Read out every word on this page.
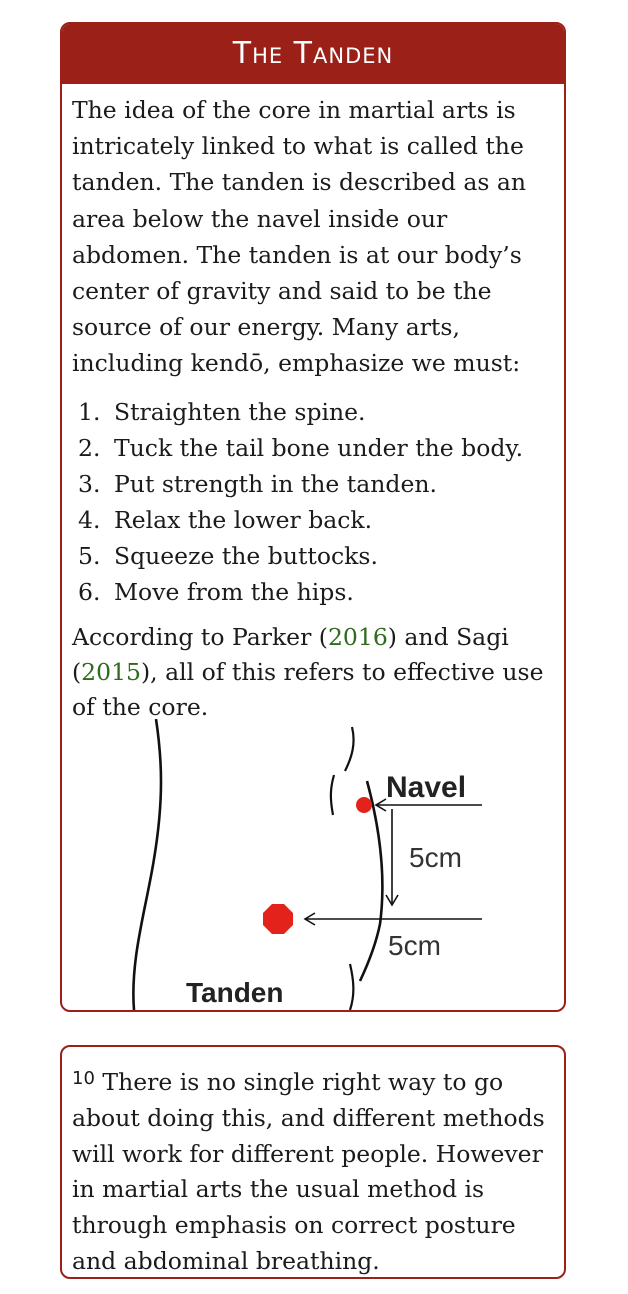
The Tanden
The idea of the core in martial arts is intricately linked to what is called the tanden. The tanden is described as an area below the navel inside our abdomen. The tanden is at our body’s center of gravity and said to be the source of our energy. Many arts, including kendō, emphasize we must:
1. Straighten the spine.
2. Tuck the tail bone under the body.
3. Put strength in the tanden.
4. Relax the lower back.
5. Squeeze the buttocks.
6. Move from the hips.
According to Parker (2016) and Sagi (2015), all of this refers to effective use of the core.
Navel
5cm
5cm
Tanden
$^{10}$ There is no single right way to go about doing this, and different methods will work for different people. However in martial arts the usual method is through emphasis on correct posture and abdominal breathing.
